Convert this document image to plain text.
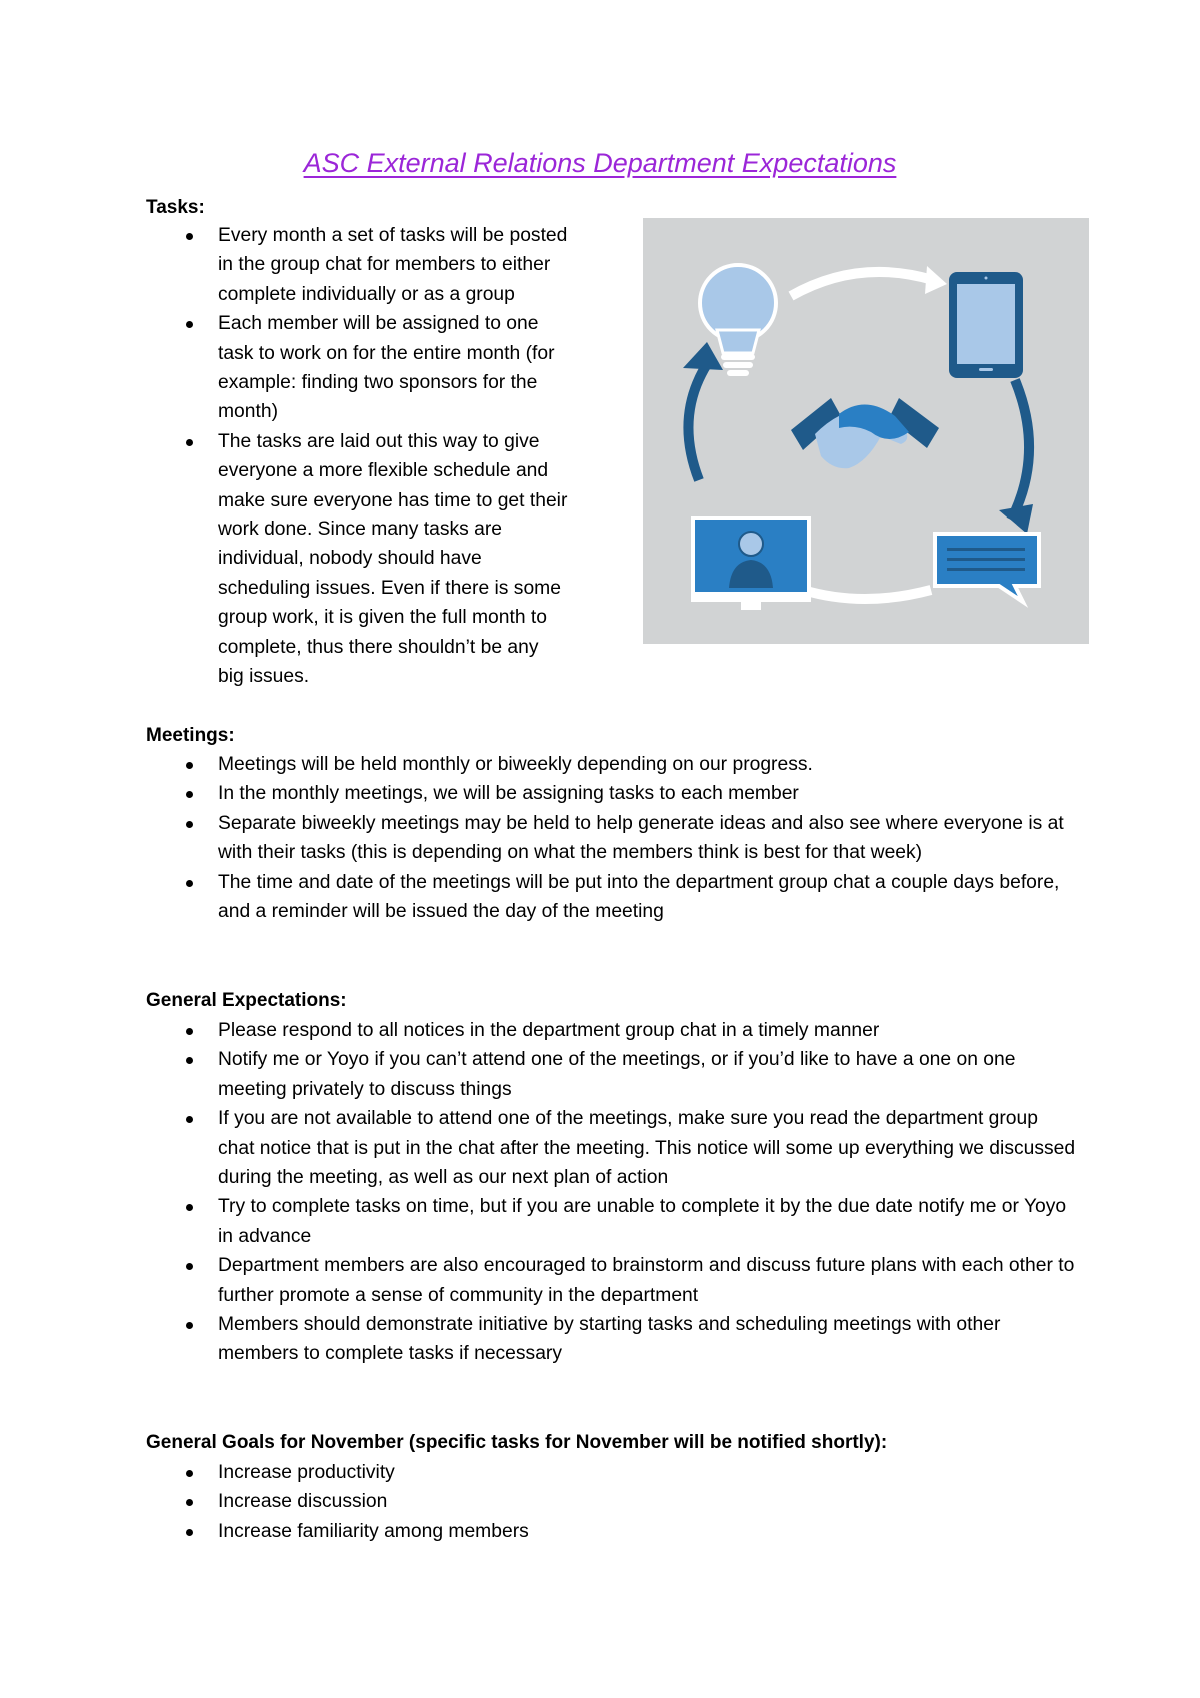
ASC External Relations Department Expectations
Tasks:
Every month a set of tasks will be posted
in the group chat for members to either
complete individually or as a group
Each member will be assigned to one
task to work on for the entire month (for
example: finding two sponsors for the
month)
The tasks are laid out this way to give
everyone a more flexible schedule and
make sure everyone has time to get their
work done. Since many tasks are
individual, nobody should have
scheduling issues. Even if there is some
group work, it is given the full month to
complete, thus there shouldn’t be any
big issues.
Meetings:
Meetings will be held monthly or biweekly depending on our progress.
In the monthly meetings, we will be assigning tasks to each member
Separate biweekly meetings may be held to help generate ideas and also see where everyone is at with their tasks (this is depending on what the members think is best for that week)
The time and date of the meetings will be put into the department group chat a couple days before, and a reminder will be issued the day of the meeting
General Expectations:
Please respond to all notices in the department group chat in a timely manner
Notify me or Yoyo if you can’t attend one of the meetings, or if you’d like to have a one on one meeting privately to discuss things
If you are not available to attend one of the meetings, make sure you read the department group chat notice that is put in the chat after the meeting. This notice will some up everything we discussed during the meeting, as well as our next plan of action
Try to complete tasks on time, but if you are unable to complete it by the due date notify me or Yoyo in advance
Department members are also encouraged to brainstorm and discuss future plans with each other to further promote a sense of community in the department
Members should demonstrate initiative by starting tasks and scheduling meetings with other members to complete tasks if necessary
General Goals for November (specific tasks for November will be notified shortly):
Increase productivity
Increase discussion
Increase familiarity among members
